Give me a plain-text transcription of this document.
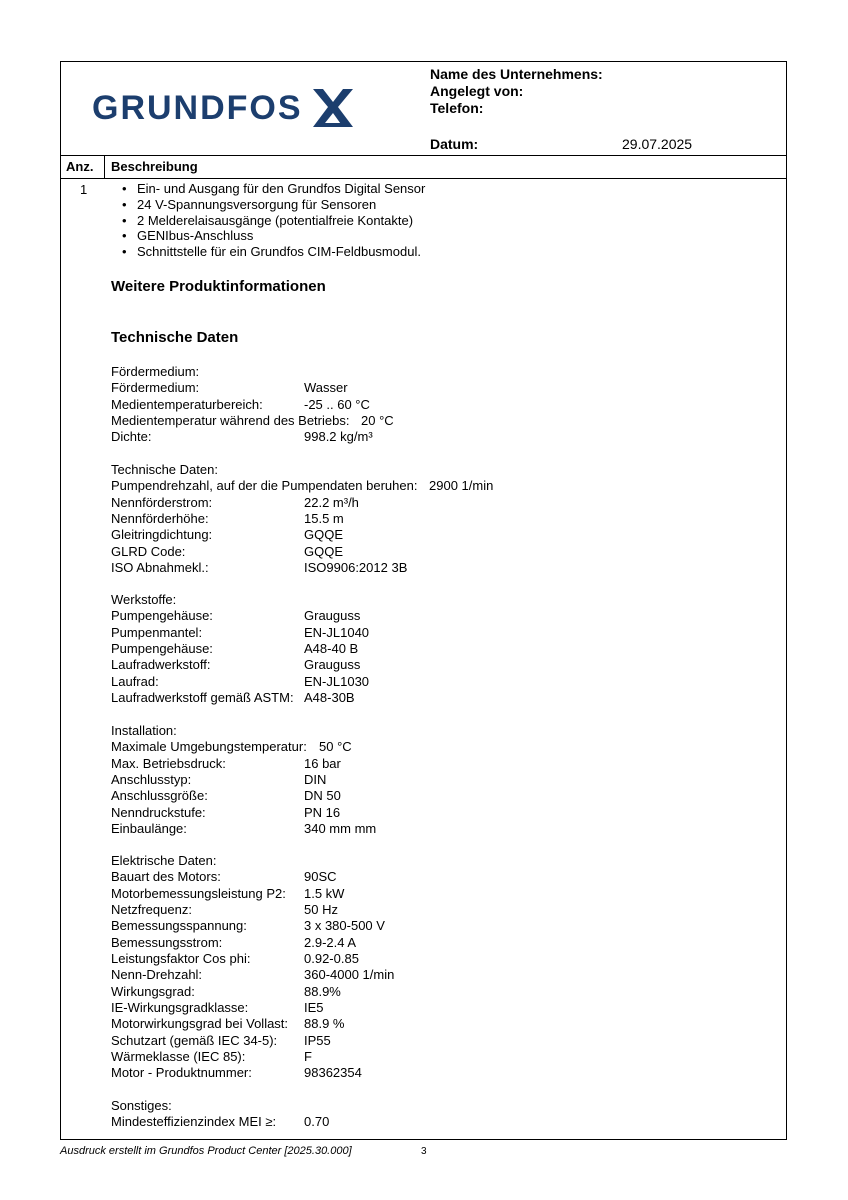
GRUNDFOS
Name des Unternehmens:
Angelegt von:
Telefon:
Datum:	29.07.2025
Anz. Beschreibung
1
•	Ein- und Ausgang für den Grundfos Digital Sensor
• 24 V-Spannungsversorgung für Sensoren
• 2 Melderelaisausgänge (potentialfreie Kontakte)
• GENIbus-Anschluss
• Schnittstelle für ein Grundfos CIM-Feldbusmodul.
Weitere Produktinformationen
Technische Daten
Fördermedium:
Fördermedium:	Wasser
Medientemperaturbereich:	-25 .. 60 °C
Medientemperatur während des Betriebs: 20 °C
Dichte:	998.2 kg/m³
Technische Daten:
Pumpendrehzahl, auf der die Pumpendaten beruhen: 2900 1/min
Nennförderstrom:	22.2 m³/h
Nennförderhöhe:	15.5 m
Gleitringdichtung:	GQQE
GLRD Code:	GQQE
ISO Abnahmekl.:	ISO9906:2012 3B
Werkstoffe:
Pumpengehäuse:	Grauguss
Pumpenmantel:	EN-JL1040
Pumpengehäuse:	A48-40 B
Laufradwerkstoff:	Grauguss
Laufrad:	EN-JL1030
Laufradwerkstoff gemäß ASTM: A48-30B
Installation:
Maximale Umgebungstemperatur: 50 °C
Max. Betriebsdruck:	16 bar
Anschlusstyp:	DIN
Anschlussgröße:	DN 50
Nenndruckstufe:	PN 16
Einbaulänge:	340 mm mm
Elektrische Daten:
Bauart des Motors:	90SC
Motorbemessungsleistung P2: 1.5 kW
Netzfrequenz:	50 Hz
Bemessungsspannung:	3 x 380-500 V
Bemessungsstrom:	2.9-2.4 A
Leistungsfaktor Cos phi:	0.92-0.85
Nenn-Drehzahl:	360-4000 1/min
Wirkungsgrad:	88.9%
IE-Wirkungsgradklasse:	IE5
Motorwirkungsgrad bei Vollast: 88.9 %
Schutzart (gemäß IEC 34-5): IP55
Wärmeklasse (IEC 85):	F
Motor - Produktnummer:	98362354
Sonstiges:
Mindesteffizienzindex MEI ≥: 0.70
Ausdruck erstellt im Grundfos Product Center [2025.30.000]	3
